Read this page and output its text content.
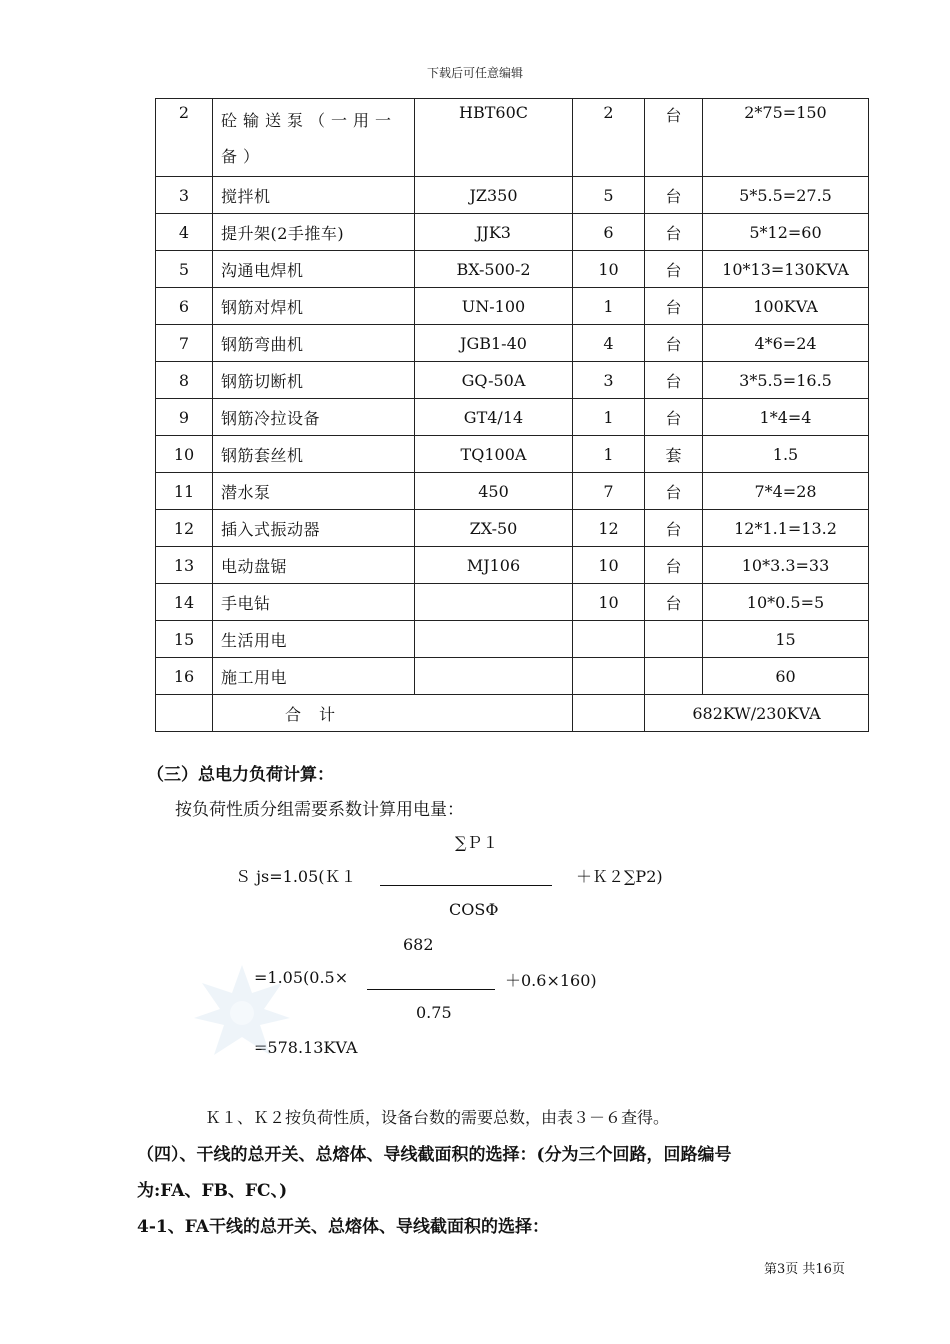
下载后可任意编辑
2	砼输送泵（一用一备）	HBT60C	2	台	2*75=150
3	搅拌机	JZ350	5	台	5*5.5=27.5
4	提升架(2手推车)	JJK3	6	台	5*12=60
5	沟通电焊机	BX-500-2	10	台	10*13=130KVA
6	钢筋对焊机	UN-100	1	台	100KVA
7	钢筋弯曲机	JGB1-40	4	台	4*6=24
8	钢筋切断机	GQ-50A	3	台	3*5.5=16.5
9	钢筋冷拉设备	GT4/14	1	台	1*4=4
10	钢筋套丝机	TQ100A	1	套	1.5
11	潜水泵	450	7	台	7*4=28
12	插入式振动器	ZX-50	12	台	12*1.1=13.2
13	电动盘锯	MJ106	10	台	10*3.3=33
14	手电钻		10	台	10*0.5=5
15	生活用电				15
16	施工用电				60
	合计			682KW/230KVA	
（三）总电力负荷计算：
按负荷性质分组需要系数计算用电量：
∑Ｐ１
Ｓ js=1.05(Ｋ１	＋Ｋ２∑P2)
COSΦ
682
=1.05(0.5×	＋0.6×160)
0.75
=578.13KVA
Ｋ１、Ｋ２按负荷性质，设备台数的需要总数，由表３－６查得。
（四）、干线的总开关、总熔体、导线截面积的选择：(分为三个回路，回路编号
为:FA、FB、FC、)
4-1、FA干线的总开关、总熔体、导线截面积的选择：
第3页 共16页
